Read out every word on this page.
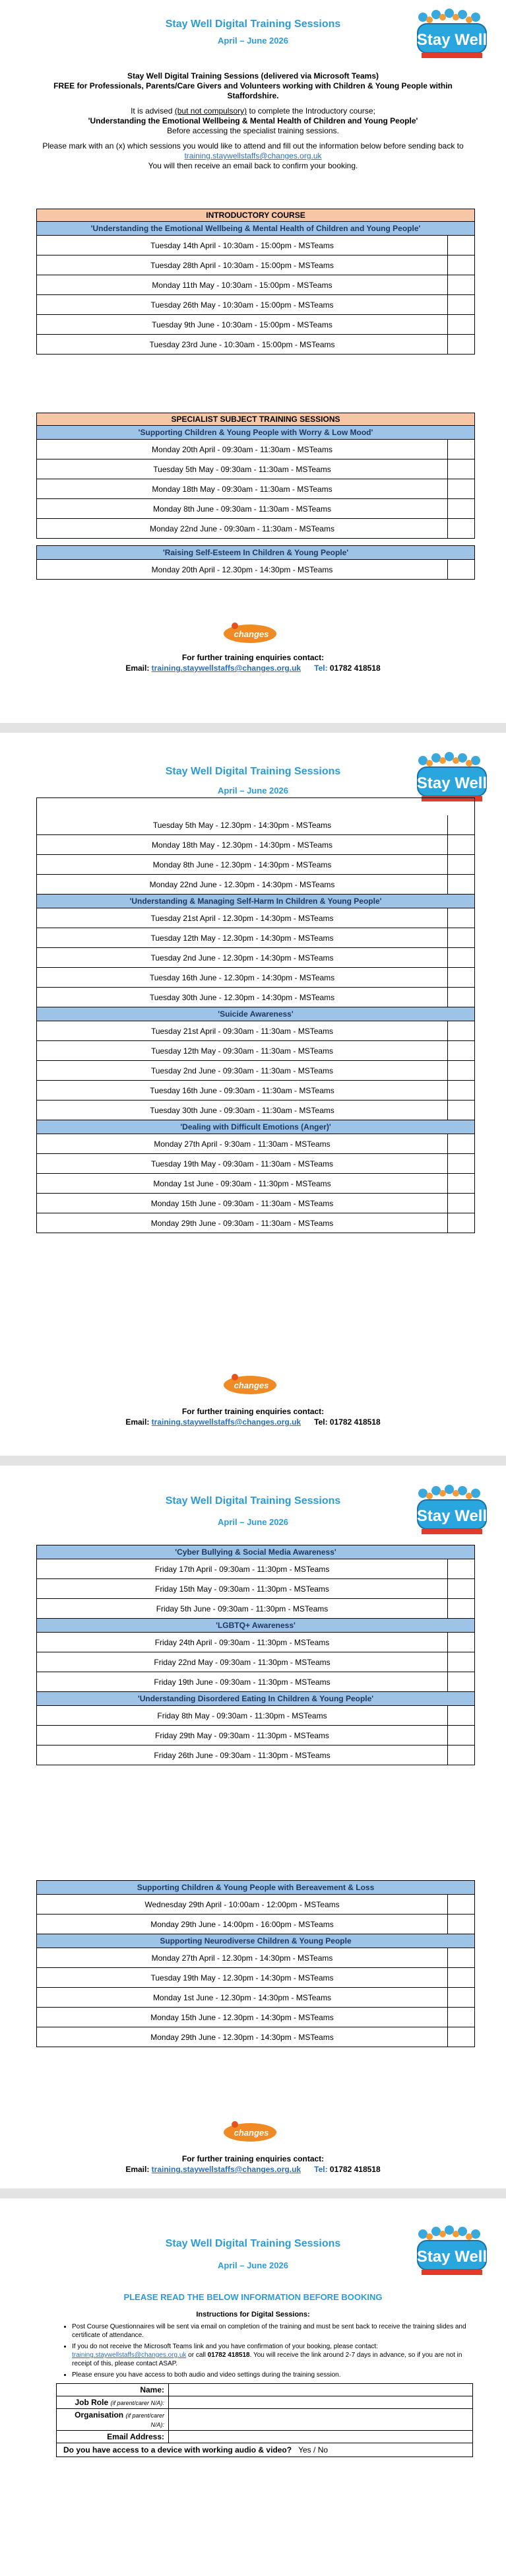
Stay Well Digital Training Sessions
April – June 2026	Stay Well

Stay Well Digital Training Sessions (delivered via Microsoft Teams)
FREE for Professionals, Parents/Care Givers and Volunteers working with Children & Young People within Staffordshire.

It is advised (but not compulsory) to complete the Introductory course;
'Understanding the Emotional Wellbeing & Mental Health of Children and Young People'
Before accessing the specialist training sessions.

Please mark with an (x) which sessions you would like to attend and fill out the information below before sending back to training.staywellstaffs@changes.org.uk
You will then receive an email back to confirm your booking.

INTRODUCTORY COURSE
'Understanding the Emotional Wellbeing & Mental Health of Children and Young People'
Tuesday 14th April - 10:30am - 15:00pm - MSTeams
Tuesday 28th April - 10:30am - 15:00pm - MSTeams
Monday 11th May - 10:30am - 15:00pm - MSTeams
Tuesday 26th May - 10:30am - 15:00pm - MSTeams
Tuesday 9th June - 10:30am - 15:00pm - MSTeams
Tuesday 23rd June - 10:30am - 15:00pm - MSTeams
SPECIALIST SUBJECT TRAINING SESSIONS
'Supporting Children & Young People with Worry & Low Mood'
Monday 20th April - 09:30am - 11:30am - MSTeams
Tuesday 5th May - 09:30am - 11:30am - MSTeams
Monday 18th May - 09:30am - 11:30am - MSTeams
Monday 8th June - 09:30am - 11:30am - MSTeams
Monday 22nd June - 09:30am - 11:30am - MSTeams
'Raising Self-Esteem In Children & Young People'
Monday 20th April - 12.30pm - 14:30pm - MSTeams
changes
For further training enquiries contact:
Email: training.staywellstaffs@changes.org.uk Tel: 01782 418518
Stay Well Digital Training Sessions
April – June 2026	Stay Well
Tuesday 5th May - 12.30pm - 14:30pm - MSTeams
Monday 18th May - 12.30pm - 14:30pm - MSTeams
Monday 8th June - 12.30pm - 14:30pm - MSTeams
Monday 22nd June - 12.30pm - 14:30pm - MSTeams
'Understanding & Managing Self-Harm In Children & Young People'
Tuesday 21st April - 12.30pm - 14:30pm - MSTeams
Tuesday 12th May - 12.30pm - 14:30pm - MSTeams
Tuesday 2nd June - 12.30pm - 14:30pm - MSTeams
Tuesday 16th June - 12.30pm - 14:30pm - MSTeams
Tuesday 30th June - 12.30pm - 14:30pm - MSTeams
'Suicide Awareness'
Tuesday 21st April - 09:30am - 11:30am - MSTeams
Tuesday 12th May - 09:30am - 11:30am - MSTeams
Tuesday 2nd June - 09:30am - 11:30am - MSTeams
Tuesday 16th June - 09:30am - 11:30am - MSTeams
Tuesday 30th June - 09:30am - 11:30am - MSTeams
'Dealing with Difficult Emotions (Anger)'
Monday 27th April - 9:30am - 11:30am - MSTeams
Tuesday 19th May - 09:30am - 11:30am - MSTeams
Monday 1st June - 09:30am - 11:30pm - MSTeams
Monday 15th June - 09:30am - 11:30am - MSTeams
Monday 29th June - 09:30am - 11:30am - MSTeams
changes
For further training enquiries contact:
Email: training.staywellstaffs@changes.org.uk Tel: 01782 418518
Stay Well Digital Training Sessions
April – June 2026	Stay Well
'Cyber Bullying & Social Media Awareness'
Friday 17th April - 09:30am - 11:30pm - MSTeams
Friday 15th May - 09:30am - 11:30pm - MSTeams
Friday 5th June - 09:30am - 11:30pm - MSTeams
'LGBTQ+ Awareness'
Friday 24th April - 09:30am - 11:30pm - MSTeams
Friday 22nd May - 09:30am - 11:30pm - MSTeams
Friday 19th June - 09:30am - 11:30pm - MSTeams
'Understanding Disordered Eating In Children & Young People'
Friday 8th May - 09:30am - 11:30pm - MSTeams
Friday 29th May - 09:30am - 11:30pm - MSTeams
Friday 26th June - 09:30am - 11:30pm - MSTeams
Supporting Children & Young People with Bereavement & Loss
Wednesday 29th April - 10:00am - 12:00pm - MSTeams
Monday 29th June - 14:00pm - 16:00pm - MSTeams
Supporting Neurodiverse Children & Young People
Monday 27th April - 12.30pm - 14:30pm - MSTeams
Tuesday 19th May - 12.30pm - 14:30pm - MSTeams
Monday 1st June - 12.30pm - 14:30pm - MSTeams
Monday 15th June - 12.30pm - 14:30pm - MSTeams
Monday 29th June - 12.30pm - 14:30pm - MSTeams
changes
For further training enquiries contact:
Email: training.staywellstaffs@changes.org.uk Tel: 01782 418518
Stay Well Digital Training Sessions
April – June 2026	Stay Well
PLEASE READ THE BELOW INFORMATION BEFORE BOOKING
Instructions for Digital Sessions:
• Post Course Questionnaires will be sent via email on completion of the training and must be sent back to receive the training slides and certificate of attendance.
• If you do not receive the Microsoft Teams link and you have confirmation of your booking, please contact: training.staywellstaffs@changes.org.uk or call 01782 418518. You will receive the link around 2-7 days in advance, so if you are not in receipt of this, please contact ASAP.
• Please ensure you have access to both audio and video settings during the training session.
Name:
Job Role (if parent/carer N/A):
Organisation (if parent/carer N/A):
Email Address:
Do you have access to a device with working audio & video? Yes / No
